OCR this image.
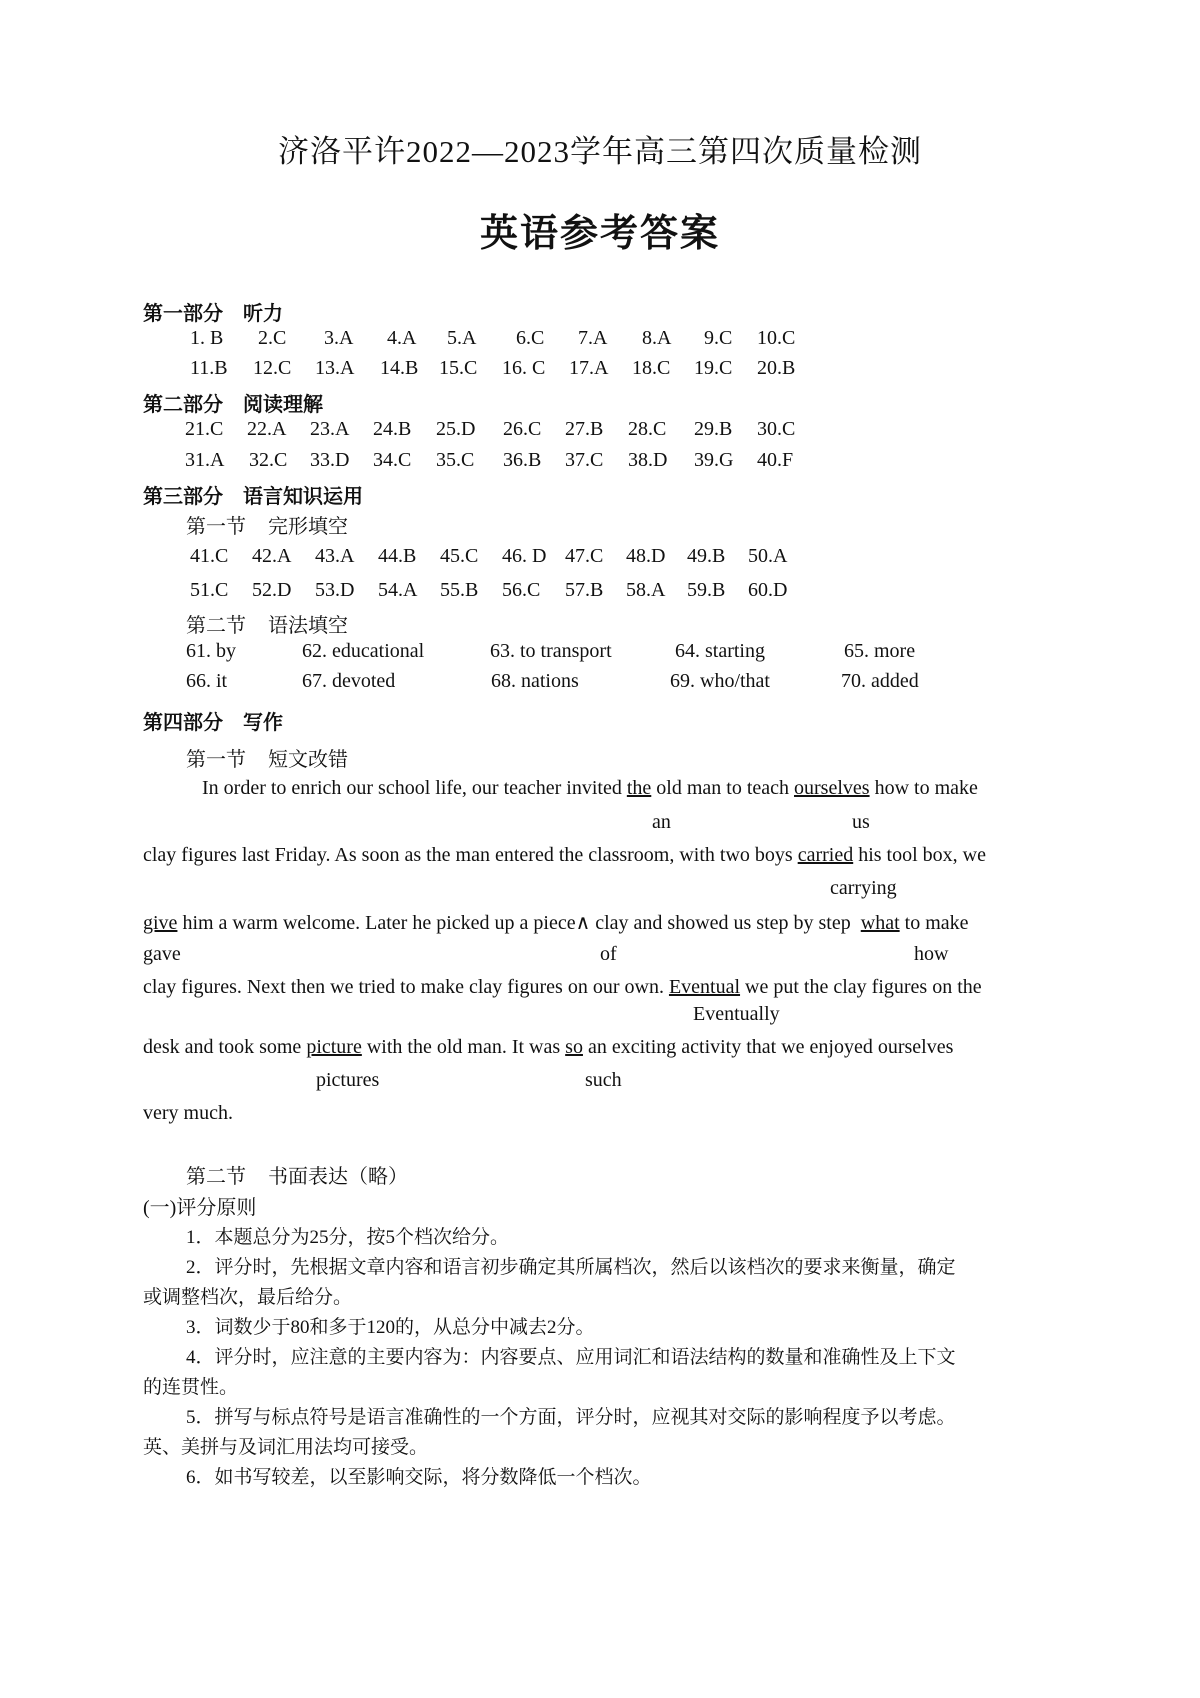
济洛平许2022—2023学年高三第四次质量检测
英语参考答案
第一部分 听力
1. B 2.C 3.A 4.A 5.A 6.C 7.A 8.A 9.C 10.C
11.B 12.C 13.A 14.B 15.C 16. C 17.A 18.C 19.C 20.B
第二部分 阅读理解
21.C 22.A 23.A 24.B 25.D 26.C 27.B 28.C 29.B 30.C
31.A 32.C 33.D 34.C 35.C 36.B 37.C 38.D 39.G 40.F
第三部分 语言知识运用
第一节 完形填空
41.C 42.A 43.A 44.B 45.C 46. D 47.C 48.D 49.B 50.A
51.C 52.D 53.D 54.A 55.B 56.C 57.B 58.A 59.B 60.D
第二节 语法填空
61. by	62. educational	63. to transport	64. starting	65. more
66. it	67. devoted	68. nations	69. who/that	70. added
第四部分 写作
第一节 短文改错
In order to enrich our school life, our teacher invited the old man to teach ourselves how to make
an	us
clay figures last Friday. As soon as the man entered the classroom, with two boys carried his tool box, we
carrying
give him a warm welcome. Later he picked up a piece∧ clay and showed us step by step what to make
gave	of	how
clay figures. Next then we tried to make clay figures on our own. Eventual we put the clay figures on the
Eventually
desk and took some picture with the old man. It was so an exciting activity that we enjoyed ourselves
pictures	such
very much.
第二节 书面表达（略）
(一)评分原则
1．本题总分为25分，按5个档次给分。
2．评分时，先根据文章内容和语言初步确定其所属档次，然后以该档次的要求来衡量，确定
或调整档次，最后给分。
3．词数少于80和多于120的，从总分中减去2分。
4．评分时，应注意的主要内容为：内容要点、应用词汇和语法结构的数量和准确性及上下文
的连贯性。
5．拼写与标点符号是语言准确性的一个方面，评分时，应视其对交际的影响程度予以考虑。
英、美拼与及词汇用法均可接受。
6．如书写较差，以至影响交际，将分数降低一个档次。
